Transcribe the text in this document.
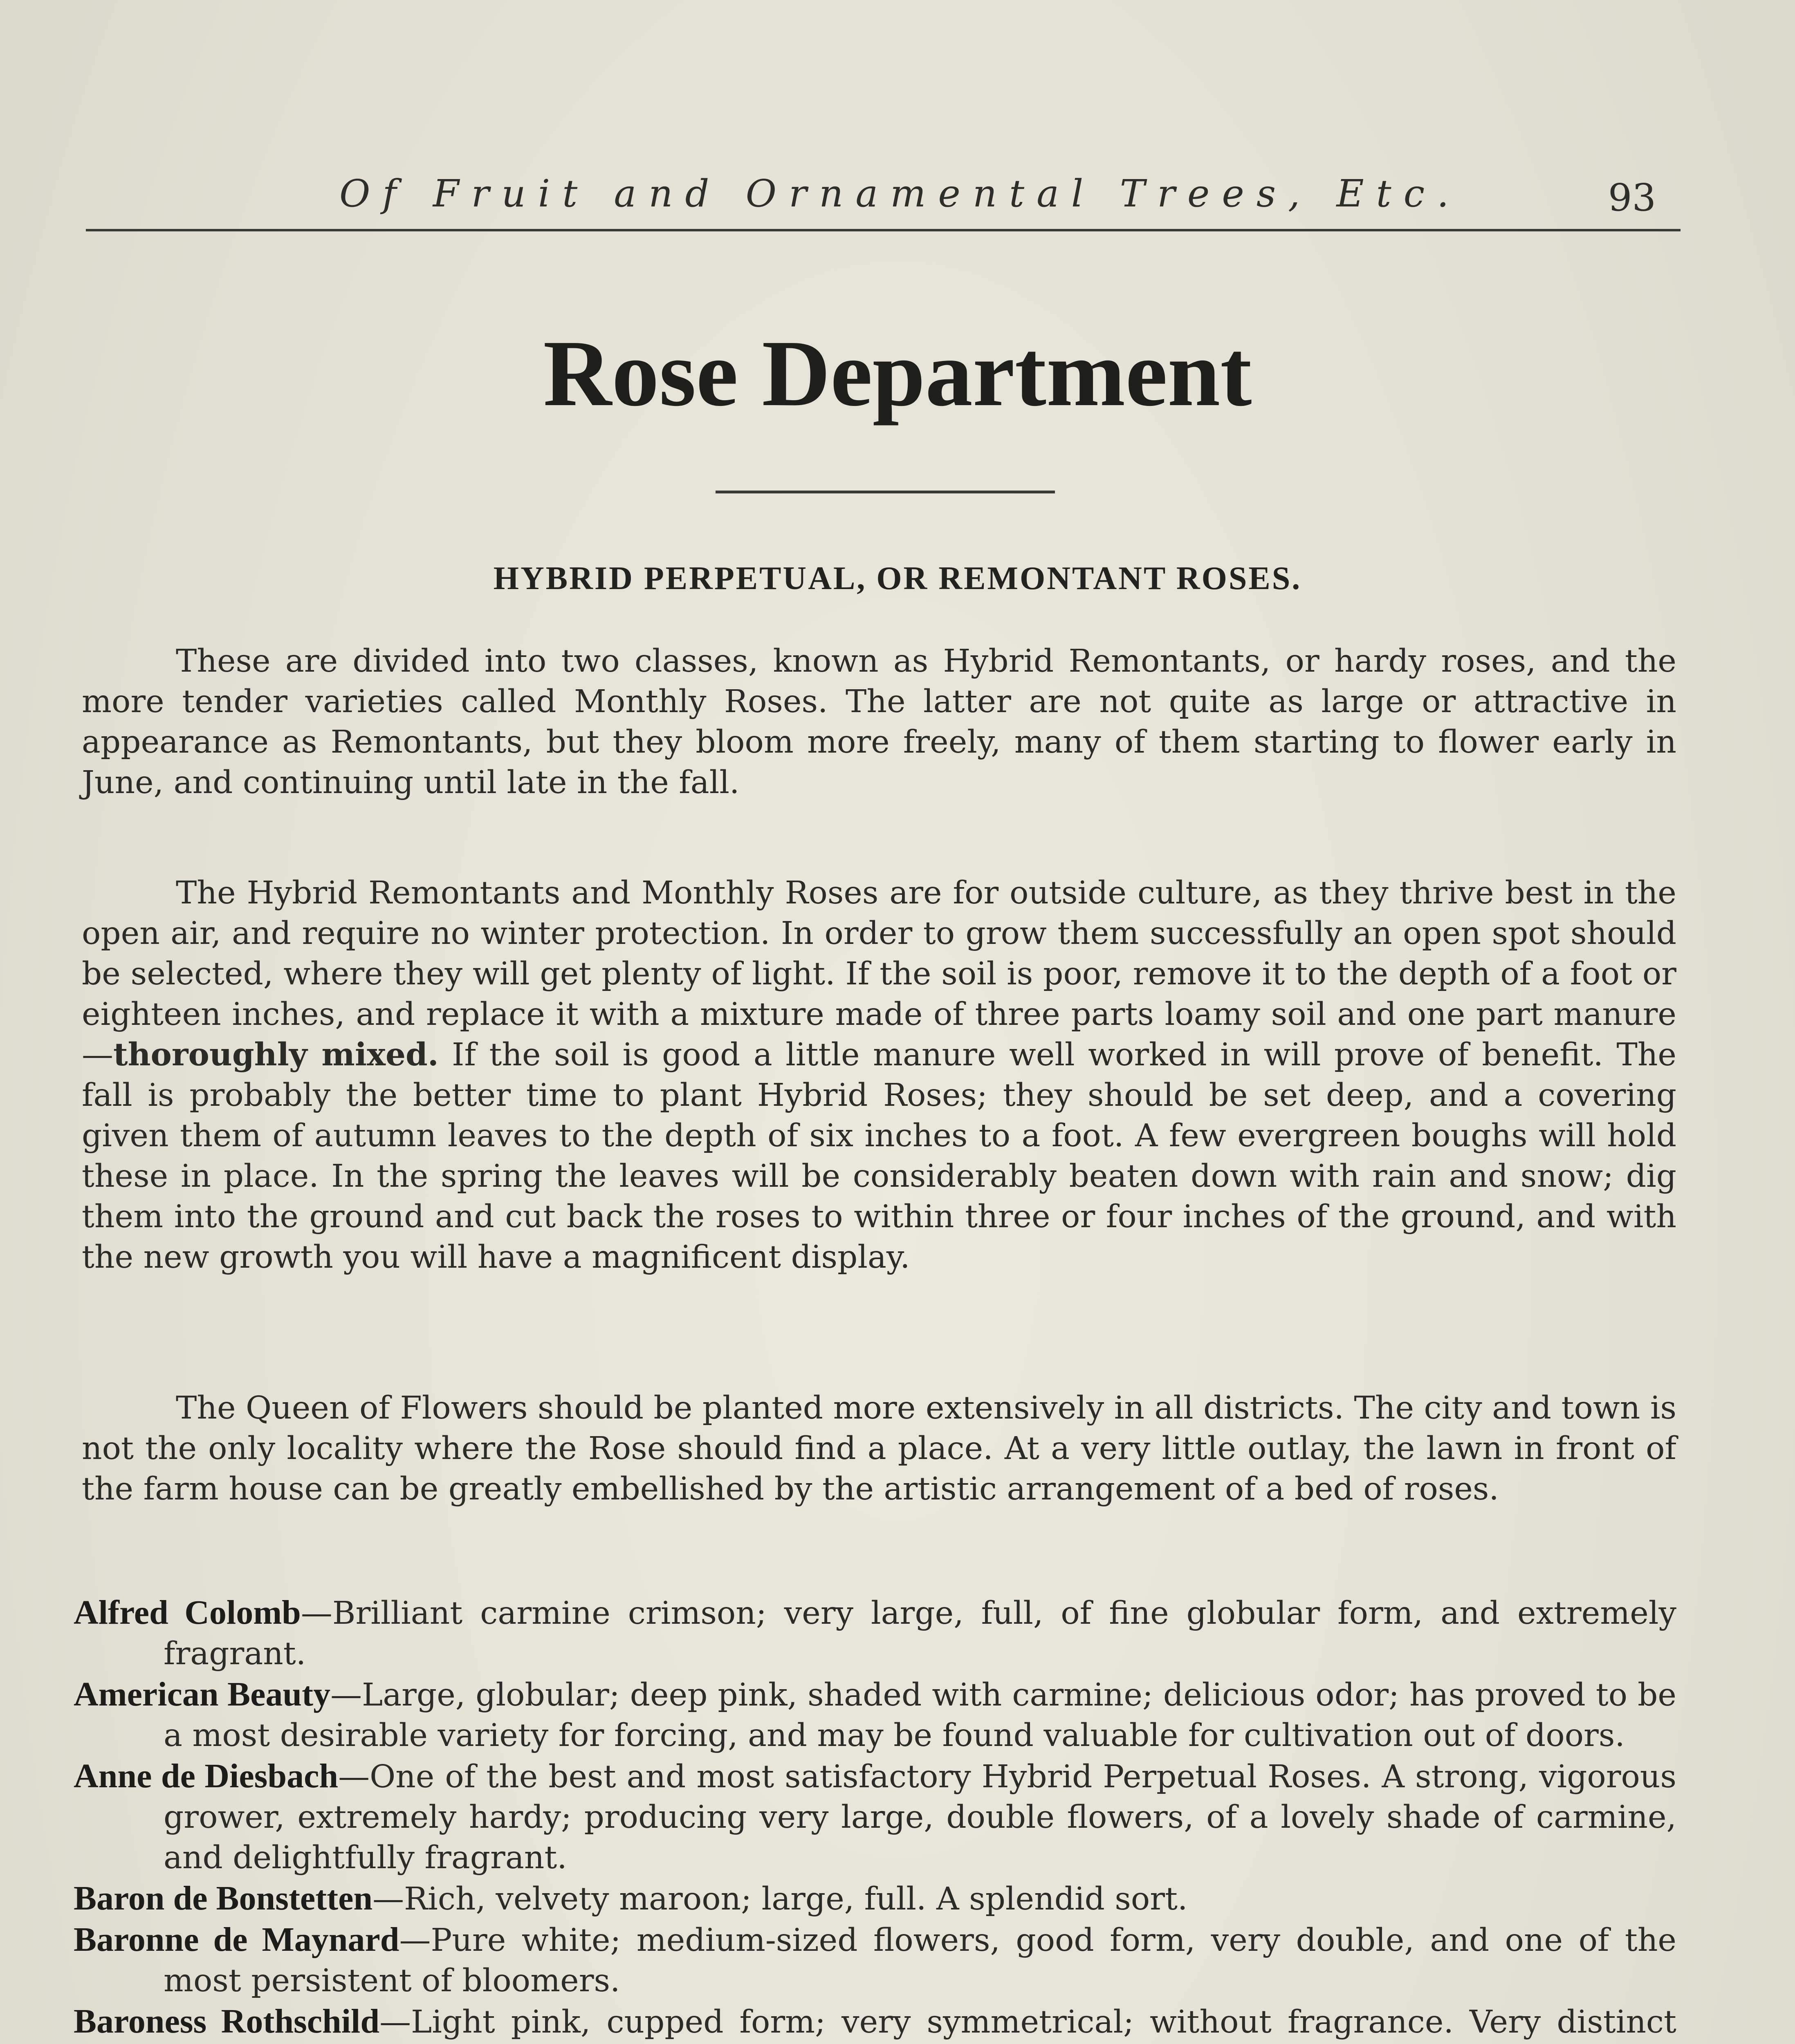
Of Fruit and Ornamental Trees, Etc.	93
Rose Department
HYBRID PERPETUAL, OR REMONTANT ROSES.

These are divided into two classes, known as Hybrid Remontants, or hardy roses, and the more tender varieties called Monthly Roses. The latter are not quite as large or attractive in appearance as Remontants, but they bloom more freely, many of them starting to flower early in June, and continuing until late in the fall.

The Hybrid Remontants and Monthly Roses are for outside culture, as they thrive best in the open air, and require no winter protection. In order to grow them successfully an open spot should be selected, where they will get plenty of light. If the soil is poor, remove it to the depth of a foot or eighteen inches, and replace it with a mixture made of three parts loamy soil and one part manure—thoroughly mixed. If the soil is good a little manure well worked in will prove of benefit. The fall is probably the better time to plant Hybrid Roses; they should be set deep, and a covering given them of autumn leaves to the depth of six inches to a foot. A few evergreen boughs will hold these in place. In the spring the leaves will be considerably beaten down with rain and snow; dig them into the ground and cut back the roses to within three or four inches of the ground, and with the new growth you will have a magnificent display.

The Queen of Flowers should be planted more extensively in all districts. The city and town is not the only locality where the Rose should find a place. At a very little outlay, the lawn in front of the farm house can be greatly embellished by the artistic arrangement of a bed of roses.

Alfred Colomb—Brilliant carmine crimson; very large, full, of fine globular form, and extremely fragrant.
American Beauty—Large, globular; deep pink, shaded with carmine; delicious odor; has proved to be a most desirable variety for forcing, and may be found valuable for cultivation out of doors.
Anne de Diesbach—One of the best and most satisfactory Hybrid Perpetual Roses. A strong, vigorous grower, extremely hardy; producing very large, double flowers, of a lovely shade of carmine, and delightfully fragrant.
Baron de Bonstetten—Rich, velvety maroon; large, full. A splendid sort.
Baronne de Maynard—Pure white; medium-sized flowers, good form, very double, and one of the most persistent of bloomers.
Baroness Rothschild—Light pink, cupped form; very symmetrical; without fragrance. Very distinct
